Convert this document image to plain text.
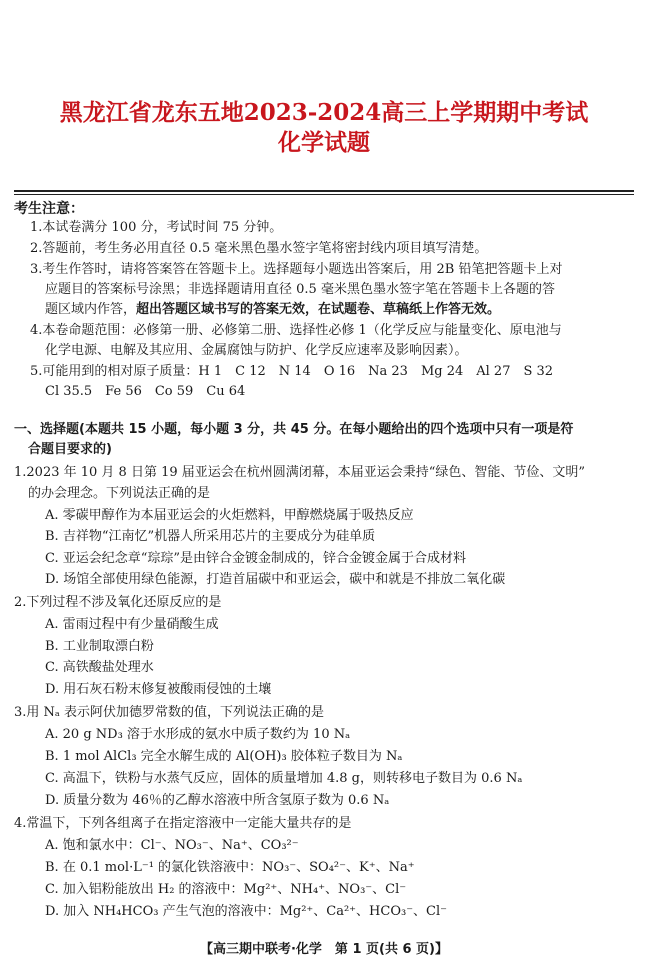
黑龙江省龙东五地2023-2024高三上学期期中考试
化学试题
考生注意：
1.本试卷满分 100 分，考试时间 75 分钟。
2.答题前，考生务必用直径 0.5 毫米黑色墨水签字笔将密封线内项目填写清楚。
3.考生作答时，请将答案答在答题卡上。选择题每小题选出答案后，用 2B 铅笔把答题卡上对
应题目的答案标号涂黑；非选择题请用直径 0.5 毫米黑色墨水签字笔在答题卡上各题的答
题区域内作答，超出答题区域书写的答案无效，在试题卷、草稿纸上作答无效。
4.本卷命题范围：必修第一册、必修第二册、选择性必修 1（化学反应与能量变化、原电池与
化学电源、电解及其应用、金属腐蚀与防护、化学反应速率及影响因素）。
5.可能用到的相对原子质量：H 1　C 12　N 14　O 16　Na 23　Mg 24　Al 27　S 32
Cl 35.5　Fe 56　Co 59　Cu 64
一、选择题(本题共 15 小题，每小题 3 分，共 45 分。在每小题给出的四个选项中只有一项是符
合题目要求的)
1.2023 年 10 月 8 日第 19 届亚运会在杭州圆满闭幕，本届亚运会秉持“绿色、智能、节俭、文明”
的办会理念。下列说法正确的是
A. 零碳甲醇作为本届亚运会的火炬燃料，甲醇燃烧属于吸热反应
B. 吉祥物“江南忆”机器人所采用芯片的主要成分为硅单质
C. 亚运会纪念章“琮琮”是由锌合金镀金制成的，锌合金镀金属于合成材料
D. 场馆全部使用绿色能源，打造首届碳中和亚运会，碳中和就是不排放二氧化碳
2.下列过程不涉及氧化还原反应的是
A. 雷雨过程中有少量硝酸生成
B. 工业制取漂白粉
C. 高铁酸盐处理水
D. 用石灰石粉末修复被酸雨侵蚀的土壤
3.用 Nₐ 表示阿伏加德罗常数的值，下列说法正确的是
A. 20 g ND₃ 溶于水形成的氨水中质子数约为 10 Nₐ
B. 1 mol AlCl₃ 完全水解生成的 Al(OH)₃ 胶体粒子数目为 Nₐ
C. 高温下，铁粉与水蒸气反应，固体的质量增加 4.8 g，则转移电子数目为 0.6 Nₐ
D. 质量分数为 46％的乙醇水溶液中所含氢原子数为 0.6 Nₐ
4.常温下，下列各组离子在指定溶液中一定能大量共存的是
A. 饱和氯水中：Cl⁻、NO₃⁻、Na⁺、CO₃²⁻
B. 在 0.1 mol·L⁻¹ 的氯化铁溶液中：NO₃⁻、SO₄²⁻、K⁺、Na⁺
C. 加入铝粉能放出 H₂ 的溶液中：Mg²⁺、NH₄⁺、NO₃⁻、Cl⁻
D. 加入 NH₄HCO₃ 产生气泡的溶液中：Mg²⁺、Ca²⁺、HCO₃⁻、Cl⁻
【高三期中联考·化学　第 1 页(共 6 页)】
